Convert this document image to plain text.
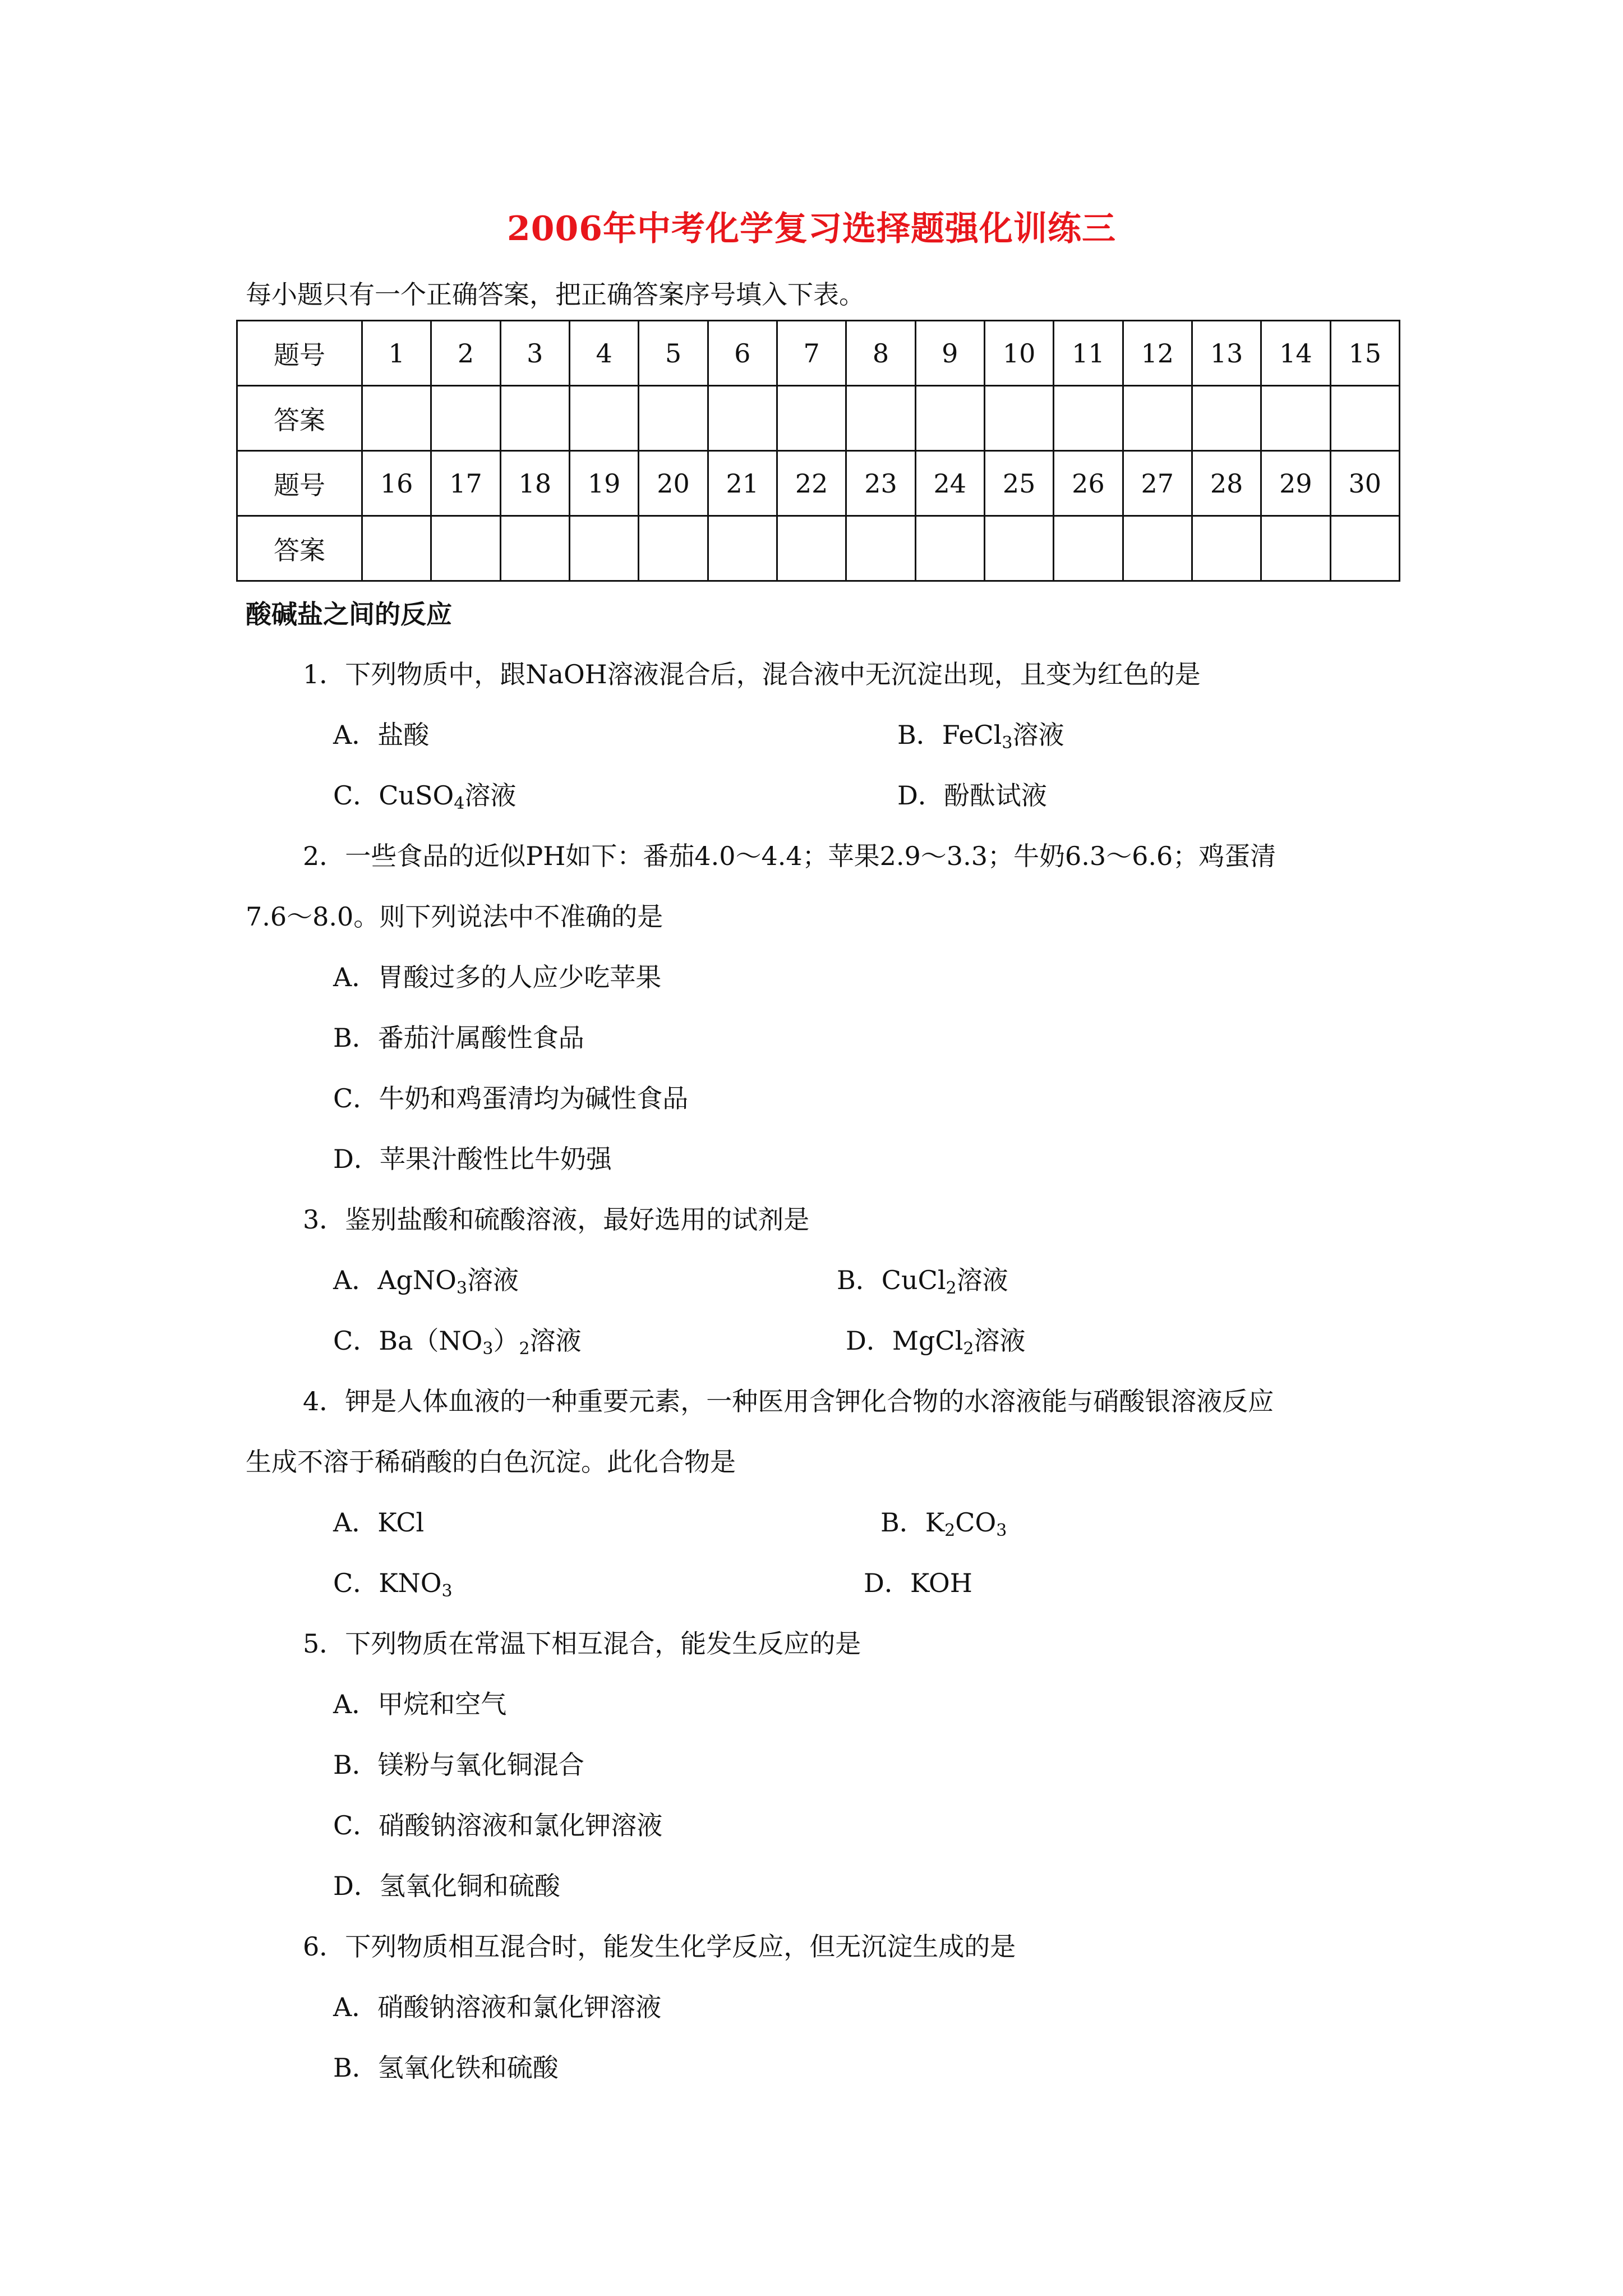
2006年中考化学复习选择题强化训练三
每小题只有一个正确答案，把正确答案序号填入下表。
题号	1	2	3	4	5	6	7	8	9	10	11	12	13	14	15
答案															
题号	16	17	18	19	20	21	22	23	24	25	26	27	28	29	30
答案															
酸碱盐之间的反应
1．下列物质中，跟NaOH溶液混合后，混合液中无沉淀出现，且变为红色的是
A．盐酸	B．FeCl$_3$溶液
C．CuSO$_4$溶液	D．酚酞试液
2．一些食品的近似PH如下：番茄4.0～4.4；苹果2.9～3.3；牛奶6.3～6.6；鸡蛋清
7.6～8.0。则下列说法中不准确的是
A．胃酸过多的人应少吃苹果
B．番茄汁属酸性食品
C．牛奶和鸡蛋清均为碱性食品
D．苹果汁酸性比牛奶强
3．鉴别盐酸和硫酸溶液，最好选用的试剂是
A．AgNO$_3$溶液	B．CuCl$_2$溶液
C．$Ba(NO_3)_2$溶液	D．MgCl$_2$溶液
4．钾是人体血液的一种重要元素，一种医用含钾化合物的水溶液能与硝酸银溶液反应
生成不溶于稀硝酸的白色沉淀。此化合物是
A．KCl	B．$K_2CO_3$
C．$KNO_3$	D．KOH
5．下列物质在常温下相互混合，能发生反应的是
A．甲烷和空气
B．镁粉与氧化铜混合
C．硝酸钠溶液和氯化钾溶液
D．氢氧化铜和硫酸
6．下列物质相互混合时，能发生化学反应，但无沉淀生成的是
A．硝酸钠溶液和氯化钾溶液
B．氢氧化铁和硫酸
